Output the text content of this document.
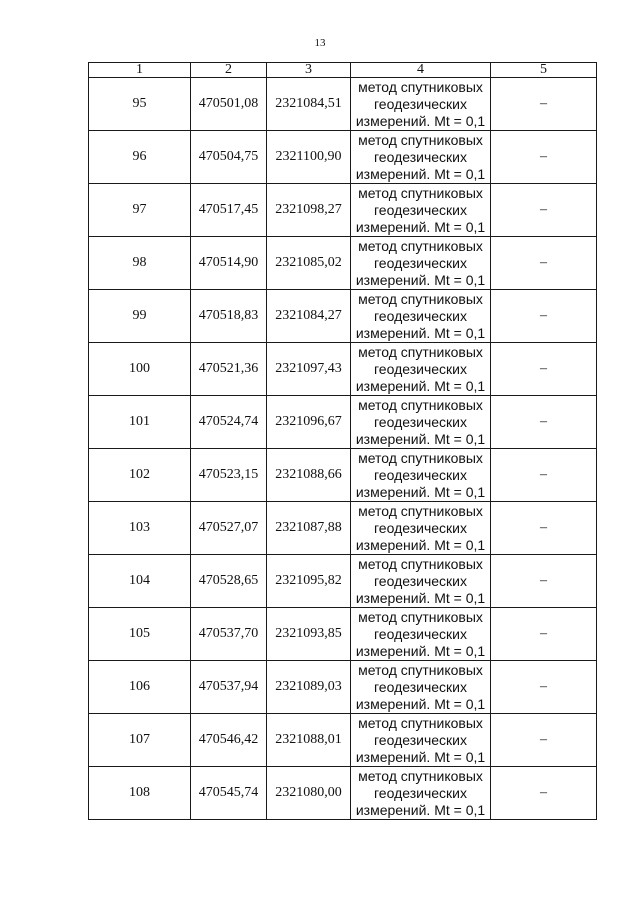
13
1	2	3	4	5
95	470501,08	2321084,51	метод спутниковых
геодезических
измерений. Mt = 0,1	–
96	470504,75	2321100,90	метод спутниковых
геодезических
измерений. Mt = 0,1	–
97	470517,45	2321098,27	метод спутниковых
геодезических
измерений. Mt = 0,1	–
98	470514,90	2321085,02	метод спутниковых
геодезических
измерений. Mt = 0,1	–
99	470518,83	2321084,27	метод спутниковых
геодезических
измерений. Mt = 0,1	–
100	470521,36	2321097,43	метод спутниковых
геодезических
измерений. Mt = 0,1	–
101	470524,74	2321096,67	метод спутниковых
геодезических
измерений. Mt = 0,1	–
102	470523,15	2321088,66	метод спутниковых
геодезических
измерений. Mt = 0,1	–
103	470527,07	2321087,88	метод спутниковых
геодезических
измерений. Mt = 0,1	–
104	470528,65	2321095,82	метод спутниковых
геодезических
измерений. Mt = 0,1	–
105	470537,70	2321093,85	метод спутниковых
геодезических
измерений. Mt = 0,1	–
106	470537,94	2321089,03	метод спутниковых
геодезических
измерений. Mt = 0,1	–
107	470546,42	2321088,01	метод спутниковых
геодезических
измерений. Mt = 0,1	–
108	470545,74	2321080,00	метод спутниковых
геодезических
измерений. Mt = 0,1	–
